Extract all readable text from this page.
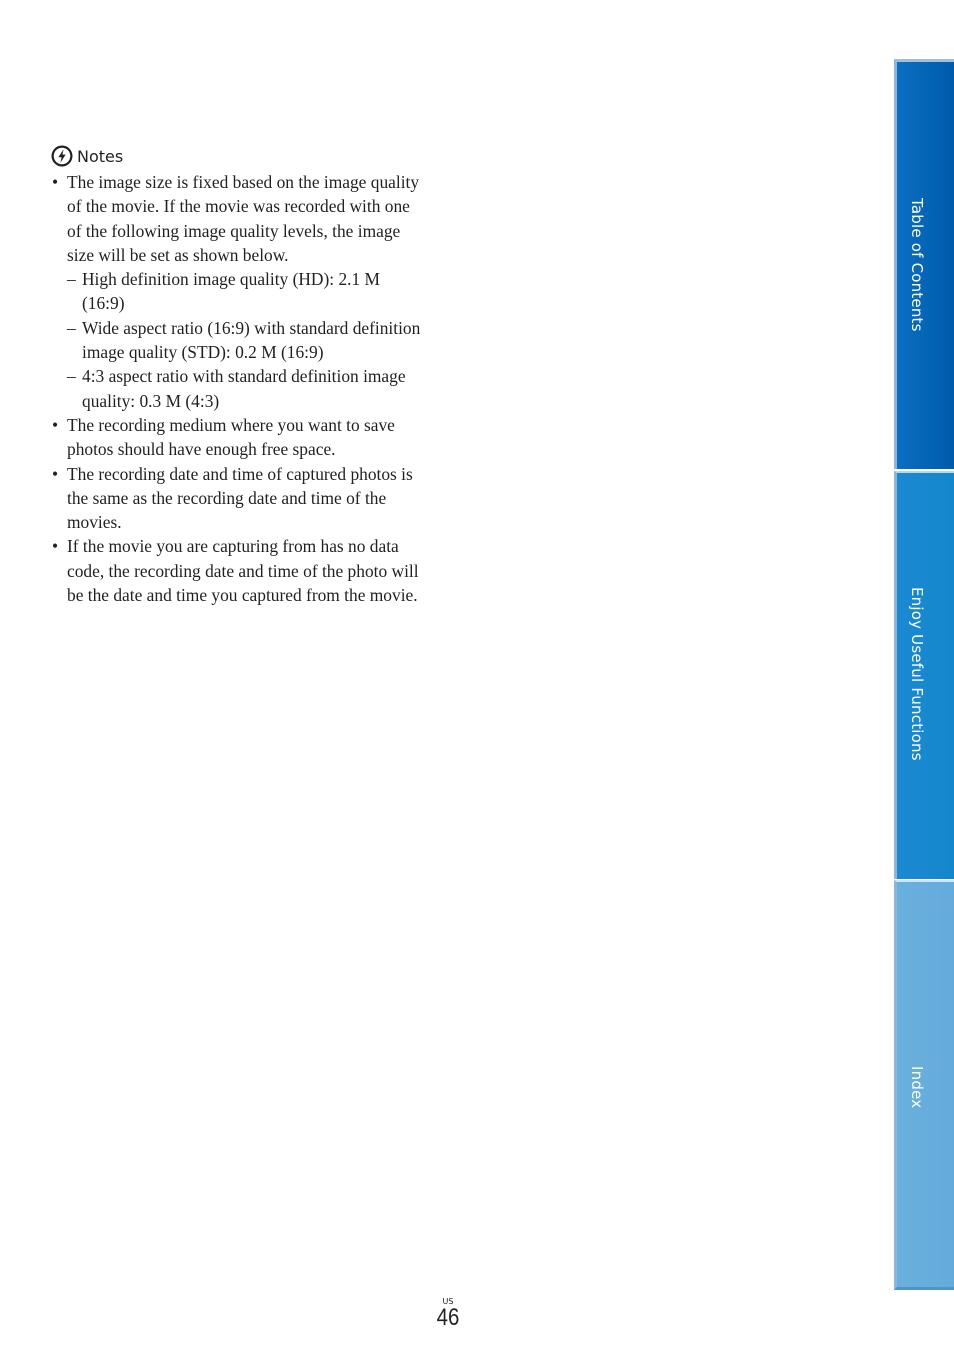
Notes
• The image size is fixed based on the image quality of the movie. If the movie was recorded with one of the following image quality levels, the image size will be set as shown below.
– High definition image quality (HD): 2.1 M (16:9)
– Wide aspect ratio (16:9) with standard definition image quality (STD): 0.2 M (16:9)
– 4:3 aspect ratio with standard definition image quality: 0.3 M (4:3)
• The recording medium where you want to save photos should have enough free space.
• The recording date and time of captured photos is the same as the recording date and time of the movies.
• If the movie you are capturing from has no data code, the recording date and time of the photo will be the date and time you captured from the movie.
Table of Contents
Enjoy Useful Functions
Index
US
46
